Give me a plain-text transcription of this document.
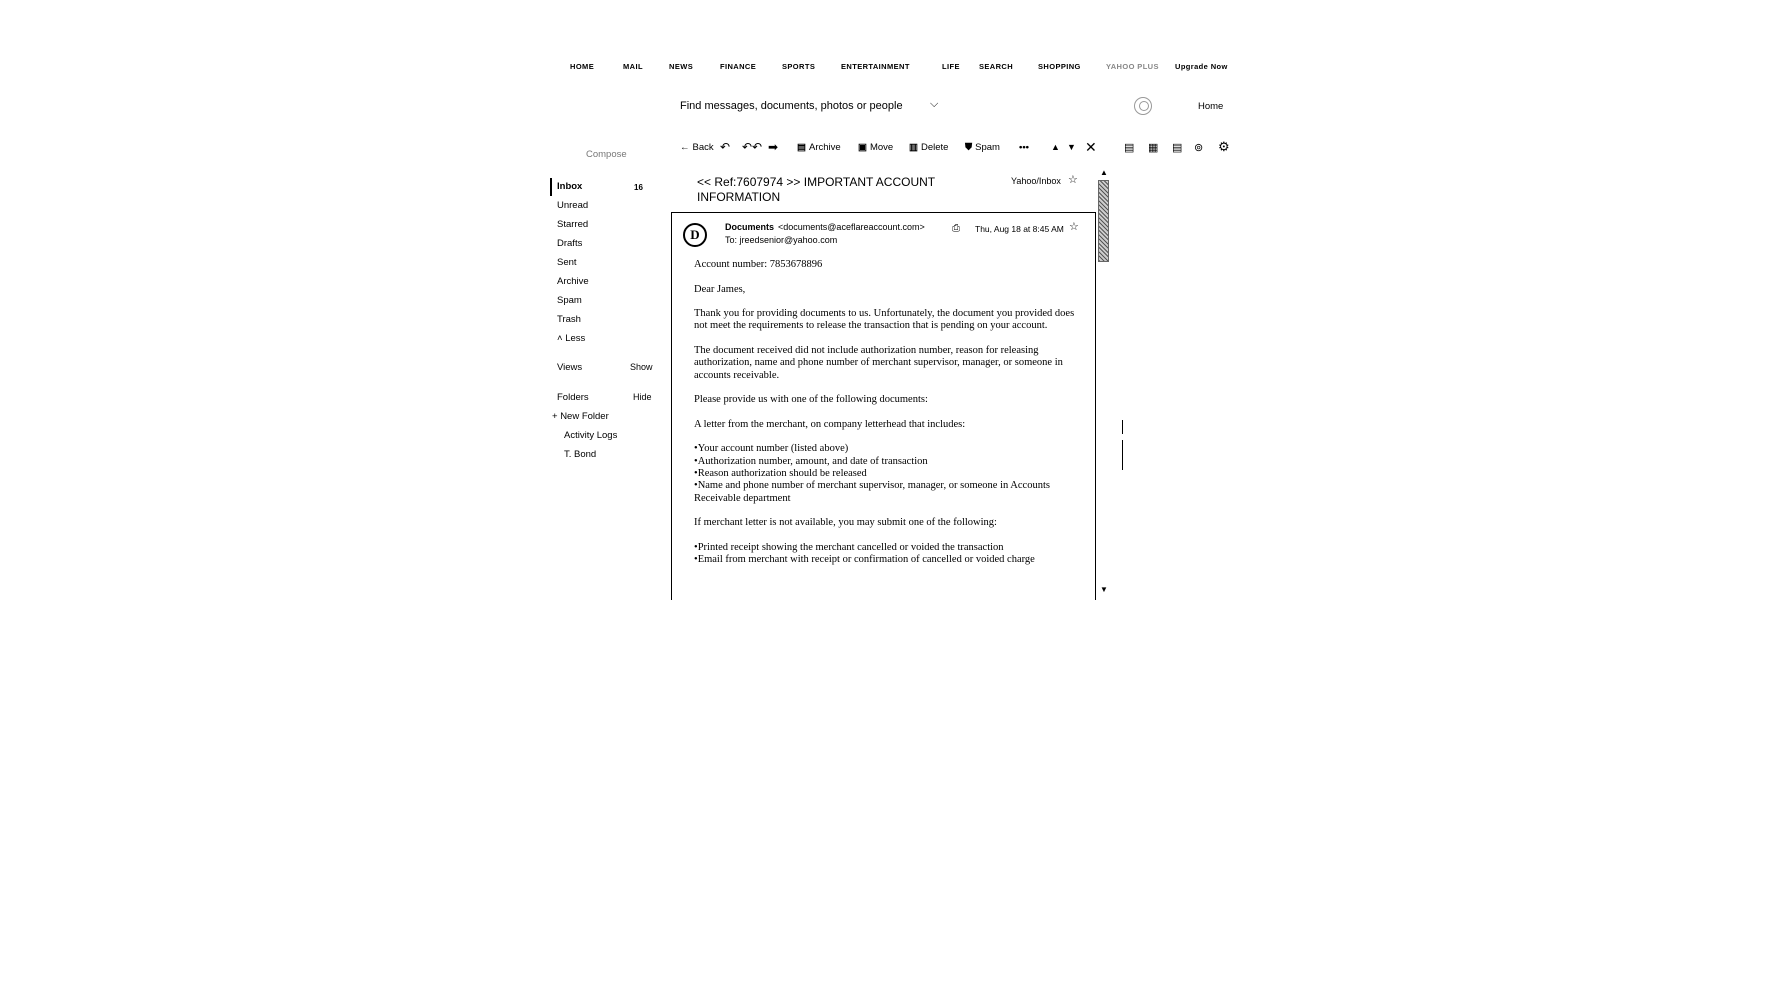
HOME	MAIL	NEWS	FINANCE	SPORTS	ENTERTAINMENT	LIFE	SEARCH	SHOPPING	YAHOO PLUS Upgrade Now
Find messages, documents, photos or people ⌵	Home
Compose
← Back ↶ ↶↶ ➡ ▤ Archive ▣ Move ▥ Delete ⛊ Spam ••• ▲ ▼ ✕ ▤ ▦ ▤ ⊚ ⚙
Inbox	16
Unread
Starred
Drafts
Sent
Archive
Spam
Trash
˄ Less
Views	Show
Folders	Hide
+ New Folder
Activity Logs
T. Bond
<< Ref:7607974 >> IMPORTANT ACCOUNT
INFORMATION
Yahoo/Inbox ☆
D	Documents <documents@aceflareaccount.com>
To: jreedsenior@yahoo.com
⎙ Thu, Aug 18 at 8:45 AM ☆

Account number: 7853678896

Dear James,

Thank you for providing documents to us. Unfortunately, the document you provided does not meet the requirements to release the transaction that is pending on your account.

The document received did not include authorization number, reason for releasing authorization, name and phone number of merchant supervisor, manager, or someone in accounts receivable.

Please provide us with one of the following documents:

A letter from the merchant, on company letterhead that includes:

• Your account number (listed above)
• Authorization number, amount, and date of transaction
• Reason authorization should be released
• Name and phone number of merchant supervisor, manager, or someone in Accounts Receivable department

If merchant letter is not available, you may submit one of the following:

• Printed receipt showing the merchant cancelled or voided the transaction
• Email from merchant with receipt or confirmation of cancelled or voided charge
▲
▼
